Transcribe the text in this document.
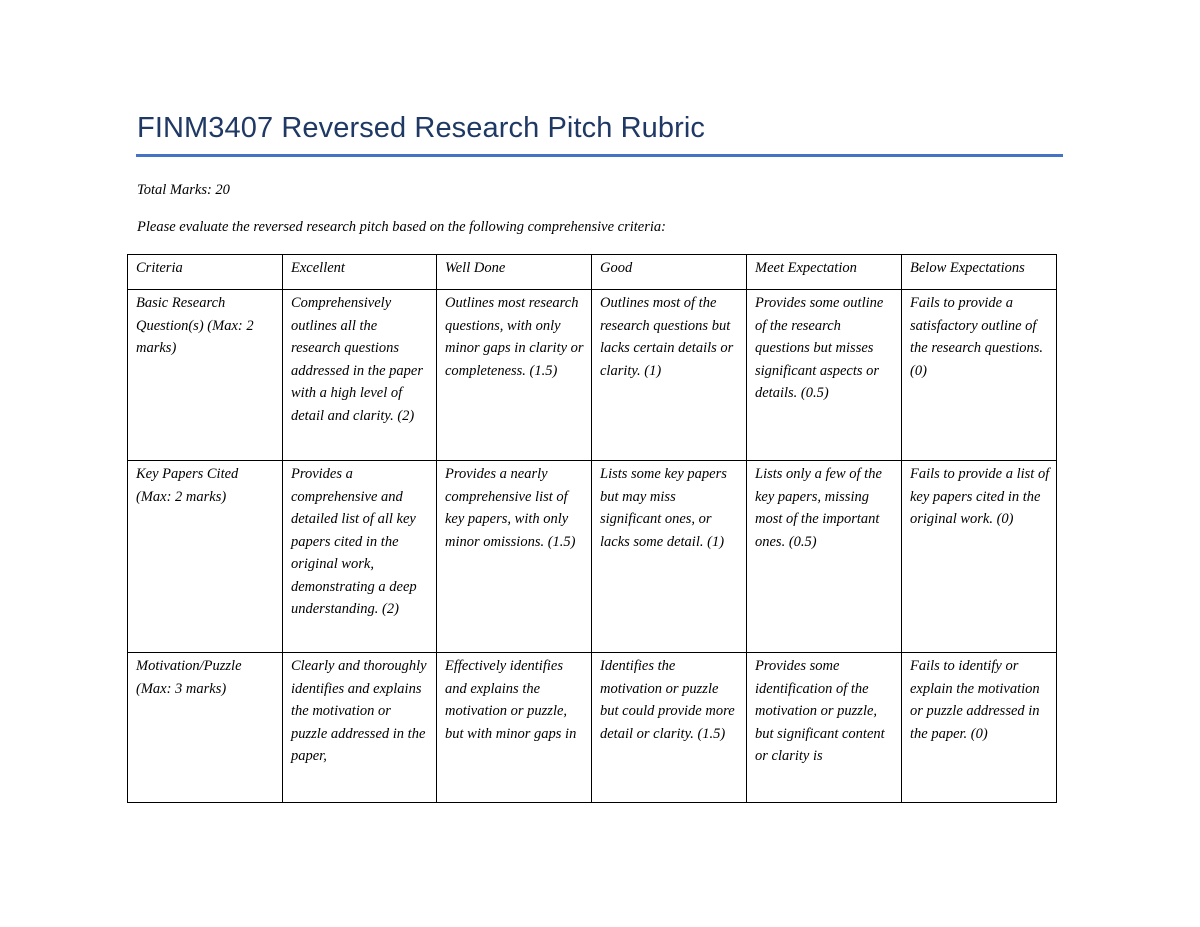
FINM3407 Reversed Research Pitch Rubric
Total Marks: 20
Please evaluate the reversed research pitch based on the following comprehensive criteria:
Criteria	Excellent	Well Done	Good	Meet Expectation	Below Expectations
Basic Research Question(s) (Max: 2 marks)	Comprehensively outlines all the research questions addressed in the paper with a high level of detail and clarity. (2)	Outlines most research questions, with only minor gaps in clarity or completeness. (1.5)	Outlines most of the research questions but lacks certain details or clarity. (1)	Provides some outline of the research questions but misses significant aspects or details. (0.5)	Fails to provide a satisfactory outline of the research questions. (0)
Key Papers Cited (Max: 2 marks)	Provides a comprehensive and detailed list of all key papers cited in the original work, demonstrating a deep understanding. (2)	Provides a nearly comprehensive list of key papers, with only minor omissions. (1.5)	Lists some key papers but may miss significant ones, or lacks some detail. (1)	Lists only a few of the key papers, missing most of the important ones. (0.5)	Fails to provide a list of key papers cited in the original work. (0)
Motivation/Puzzle (Max: 3 marks)	Clearly and thoroughly identifies and explains the motivation or puzzle addressed in the paper,	Effectively identifies and explains the motivation or puzzle, but with minor gaps in	Identifies the motivation or puzzle but could provide more detail or clarity. (1.5)	Provides some identification of the motivation or puzzle, but significant content or clarity is	Fails to identify or explain the motivation or puzzle addressed in the paper. (0)
